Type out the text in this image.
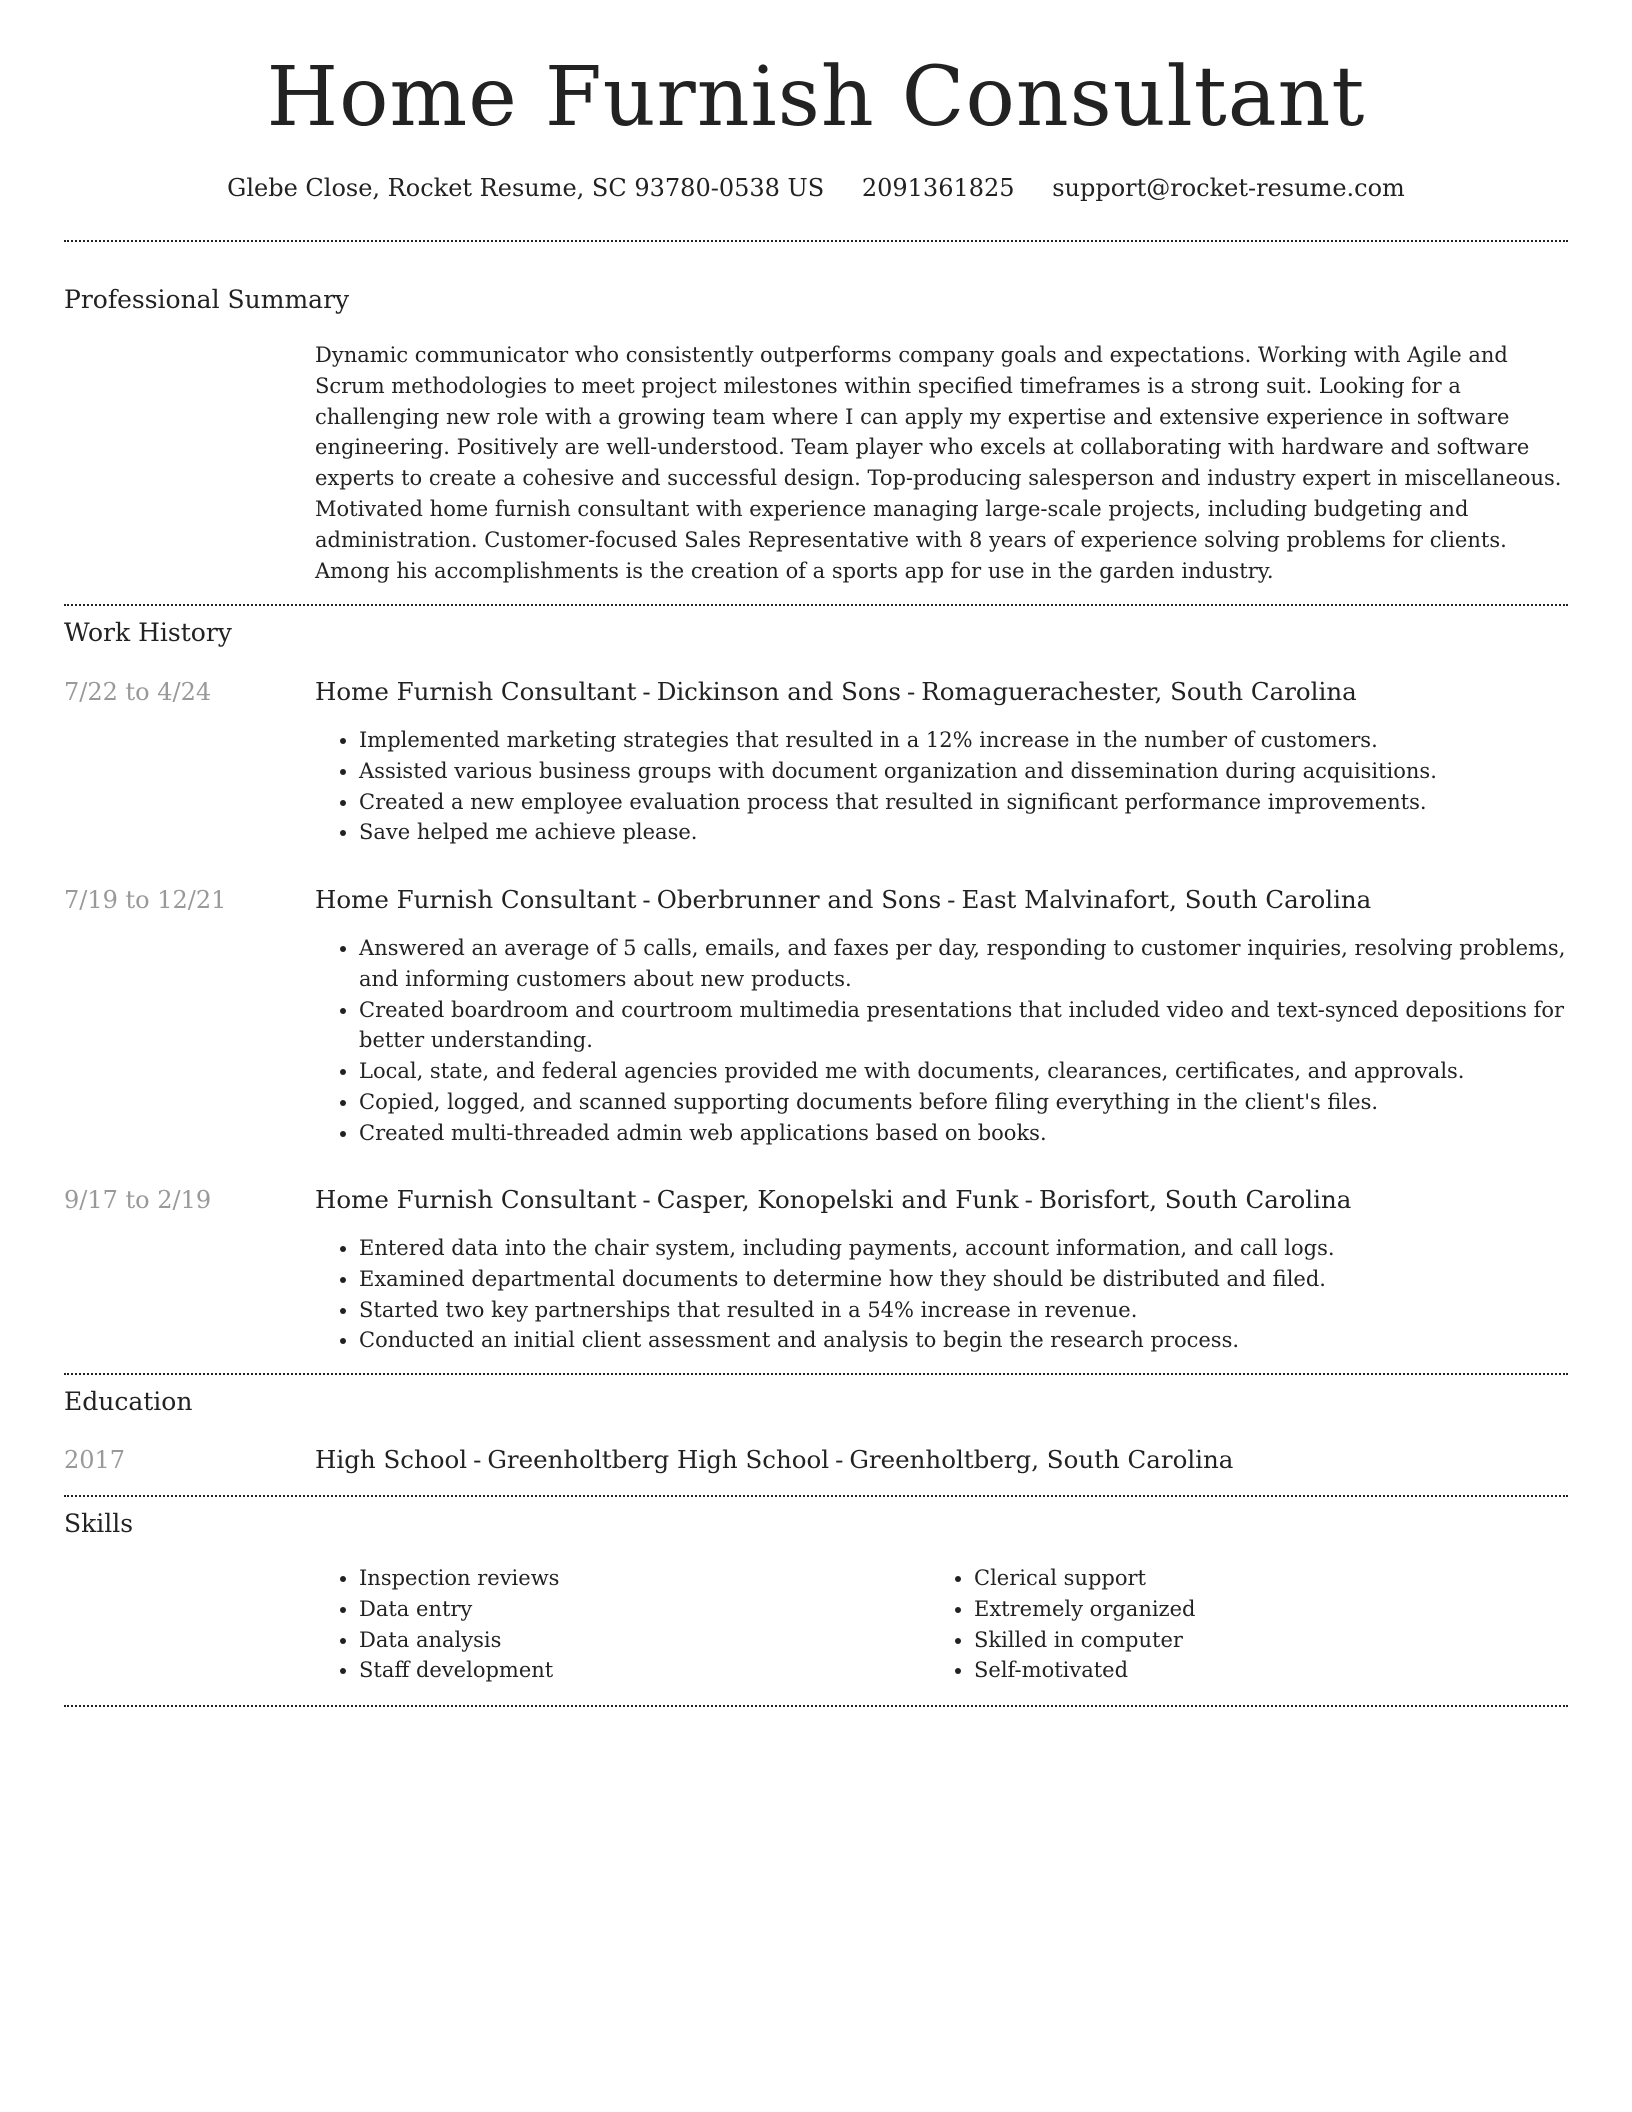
Home Furnish Consultant
Glebe Close, Rocket Resume, SC 93780-0538 US 2091361825 support@rocket-resume.com
Professional Summary

Dynamic communicator who consistently outperforms company goals and expectations. Working with Agile and Scrum methodologies to meet project milestones within specified timeframes is a strong suit. Looking for a challenging new role with a growing team where I can apply my expertise and extensive experience in software engineering. Positively are well-understood. Team player who excels at collaborating with hardware and software experts to create a cohesive and successful design. Top-producing salesperson and industry expert in miscellaneous. Motivated home furnish consultant with experience managing large-scale projects, including budgeting and administration. Customer-focused Sales Representative with 8 years of experience solving problems for clients. Among his accomplishments is the creation of a sports app for use in the garden industry.

Work History
7/22 to 4/24	Home Furnish Consultant - Dickinson and Sons - Romaguerachester, South Carolina
• Implemented marketing strategies that resulted in a 12% increase in the number of customers.
• Assisted various business groups with document organization and dissemination during acquisitions.
• Created a new employee evaluation process that resulted in significant performance improvements.
• Save helped me achieve please.
7/19 to 12/21	Home Furnish Consultant - Oberbrunner and Sons - East Malvinafort, South Carolina
• Answered an average of 5 calls, emails, and faxes per day, responding to customer inquiries, resolving problems, and informing customers about new products.
• Created boardroom and courtroom multimedia presentations that included video and text-synced depositions for better understanding.
• Local, state, and federal agencies provided me with documents, clearances, certificates, and approvals.
• Copied, logged, and scanned supporting documents before filing everything in the client's files.
• Created multi-threaded admin web applications based on books.
9/17 to 2/19	Home Furnish Consultant - Casper, Konopelski and Funk - Borisfort, South Carolina
• Entered data into the chair system, including payments, account information, and call logs.
• Examined departmental documents to determine how they should be distributed and filed.
• Started two key partnerships that resulted in a 54% increase in revenue.
• Conducted an initial client assessment and analysis to begin the research process.
Education
2017	High School - Greenholtberg High School - Greenholtberg, South Carolina
Skills
• Inspection reviews
• Data entry
• Data analysis
• Staff development
• Clerical support
• Extremely organized
• Skilled in computer
• Self-motivated
